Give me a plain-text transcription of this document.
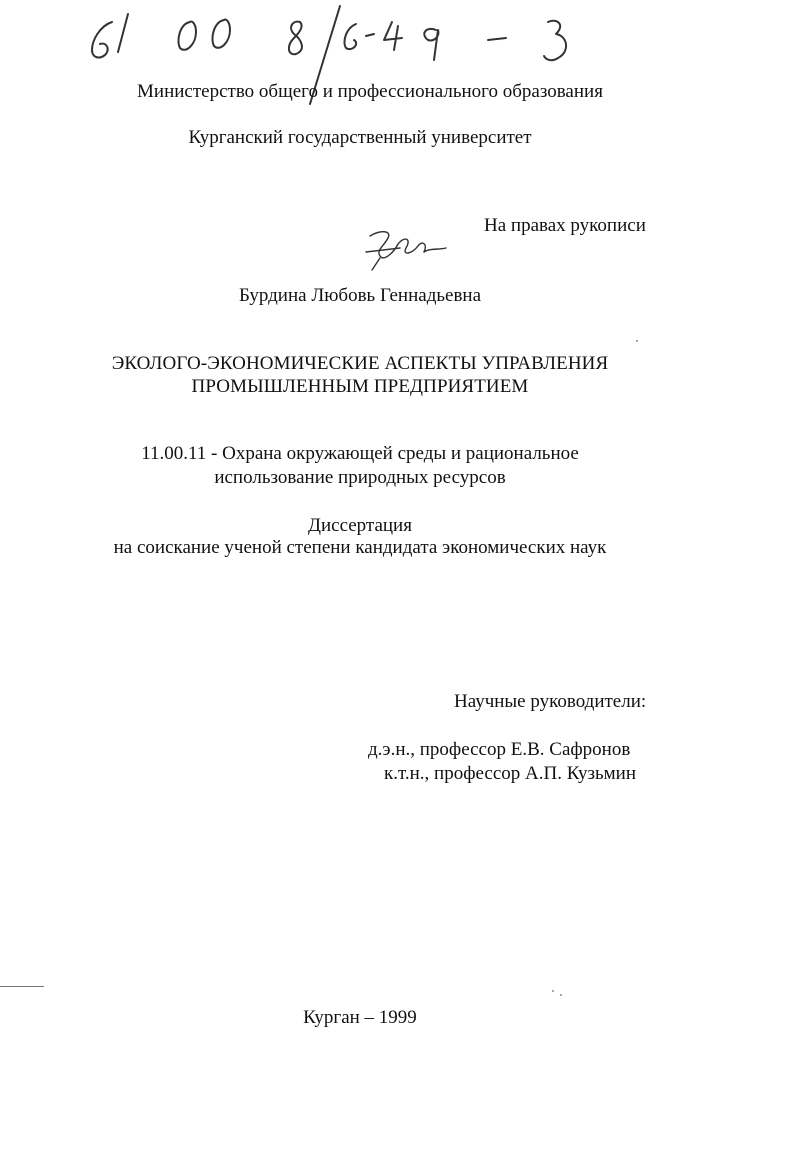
Министерство общего и профессионального образования
Курганский государственный университет
На правах рукописи
Бурдина Любовь Геннадьевна
ЭКОЛОГО-ЭКОНОМИЧЕСКИЕ АСПЕКТЫ УПРАВЛЕНИЯ
ПРОМЫШЛЕННЫМ ПРЕДПРИЯТИЕМ
11.00.11 - Охрана окружающей среды и рациональное
использование природных ресурсов
Диссертация
на соискание ученой степени кандидата экономических наук
Научные руководители:
д.э.н., профессор Е.В. Сафронов
к.т.н., профессор А.П. Кузьмин
Курган – 1999
